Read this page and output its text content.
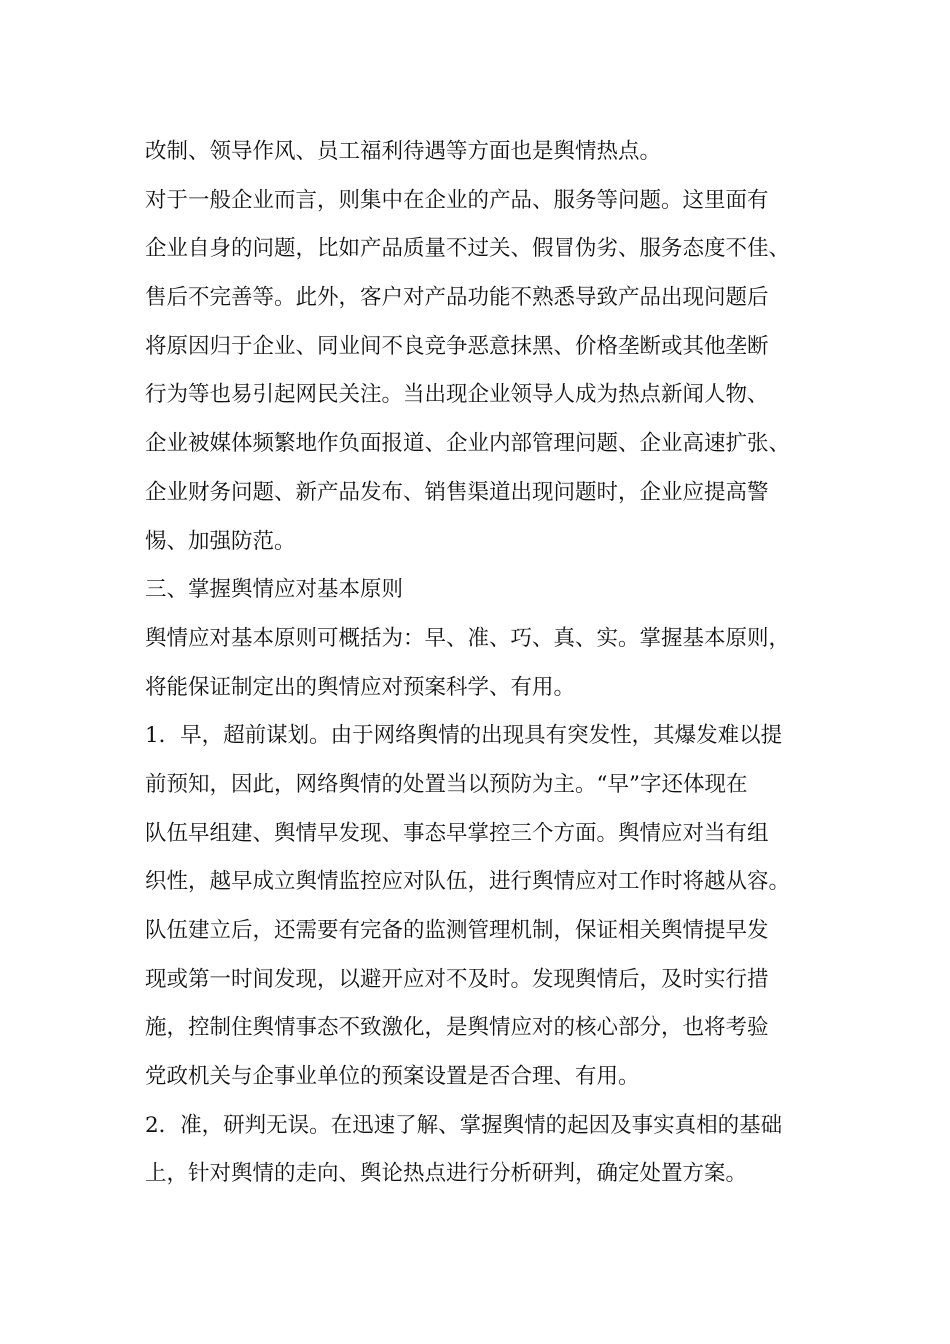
改制、领导作风、员工福利待遇等方面也是舆情热点。
对于一般企业而言，则集中在企业的产品、服务等问题。这里面有
企业自身的问题，比如产品质量不过关、假冒伪劣、服务态度不佳、
售后不完善等。此外，客户对产品功能不熟悉导致产品出现问题后
将原因归于企业、同业间不良竞争恶意抹黑、价格垄断或其他垄断
行为等也易引起网民关注。当出现企业领导人成为热点新闻人物、
企业被媒体频繁地作负面报道、企业内部管理问题、企业高速扩张、
企业财务问题、新产品发布、销售渠道出现问题时，企业应提高警
惕、加强防范。
三、掌握舆情应对基本原则
舆情应对基本原则可概括为：早、准、巧、真、实。掌握基本原则，
将能保证制定出的舆情应对预案科学、有用。
1．早，超前谋划。由于网络舆情的出现具有突发性，其爆发难以提
前预知，因此，网络舆情的处置当以预防为主。“早”字还体现在
队伍早组建、舆情早发现、事态早掌控三个方面。舆情应对当有组
织性，越早成立舆情监控应对队伍，进行舆情应对工作时将越从容。
队伍建立后，还需要有完备的监测管理机制，保证相关舆情提早发
现或第一时间发现，以避开应对不及时。发现舆情后，及时实行措
施，控制住舆情事态不致激化，是舆情应对的核心部分，也将考验
党政机关与企事业单位的预案设置是否合理、有用。
2．准，研判无误。在迅速了解、掌握舆情的起因及事实真相的基础
上，针对舆情的走向、舆论热点进行分析研判，确定处置方案。
